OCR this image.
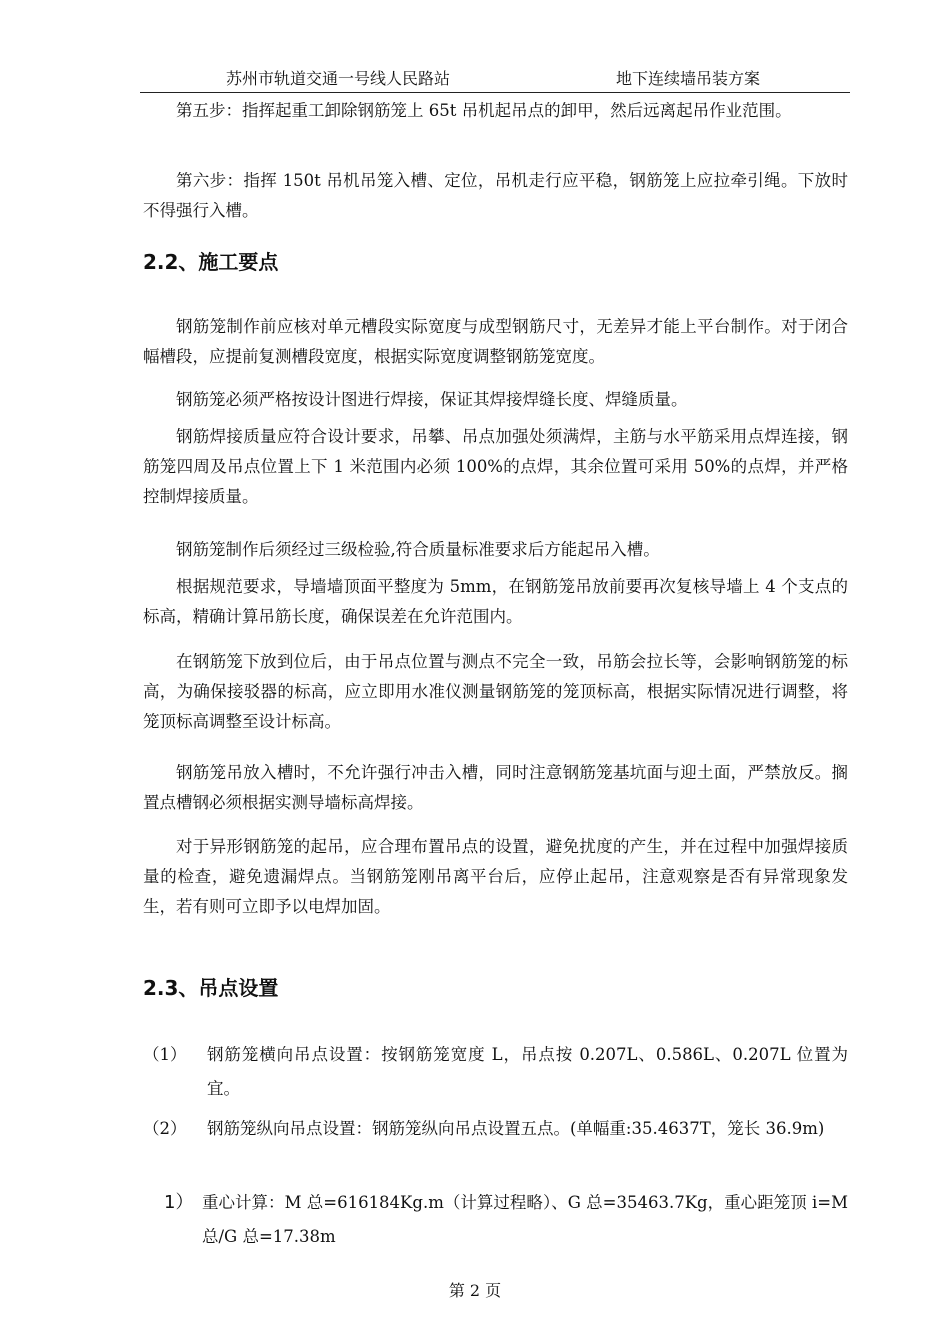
苏州市轨道交通一号线人民路站	地下连续墙吊装方案

第五步：指挥起重工卸除钢筋笼上 65t 吊机起吊点的卸甲，然后远离起吊作业范围。

第六步：指挥 150t 吊机吊笼入槽、定位，吊机走行应平稳，钢筋笼上应拉牵引绳。下放时不得强行入槽。

2.2、施工要点

钢筋笼制作前应核对单元槽段实际宽度与成型钢筋尺寸，无差异才能上平台制作。对于闭合幅槽段，应提前复测槽段宽度，根据实际宽度调整钢筋笼宽度。

钢筋笼必须严格按设计图进行焊接，保证其焊接焊缝长度、焊缝质量。

钢筋焊接质量应符合设计要求，吊攀、吊点加强处须满焊，主筋与水平筋采用点焊连接，钢筋笼四周及吊点位置上下 1 米范围内必须 100%的点焊，其余位置可采用 50%的点焊，并严格控制焊接质量。

钢筋笼制作后须经过三级检验,符合质量标准要求后方能起吊入槽。

根据规范要求，导墙墙顶面平整度为 5mm，在钢筋笼吊放前要再次复核导墙上 4 个支点的标高，精确计算吊筋长度，确保误差在允许范围内。

在钢筋笼下放到位后，由于吊点位置与测点不完全一致，吊筋会拉长等，会影响钢筋笼的标高，为确保接驳器的标高，应立即用水准仪测量钢筋笼的笼顶标高，根据实际情况进行调整，将笼顶标高调整至设计标高。

钢筋笼吊放入槽时，不允许强行冲击入槽，同时注意钢筋笼基坑面与迎土面，严禁放反。搁置点槽钢必须根据实测导墙标高焊接。

对于异形钢筋笼的起吊，应合理布置吊点的设置，避免扰度的产生，并在过程中加强焊接质量的检查，避免遗漏焊点。当钢筋笼刚吊离平台后，应停止起吊，注意观察是否有异常现象发生，若有则可立即予以电焊加固。

2.3、吊点设置
（1） 钢筋笼横向吊点设置：按钢筋笼宽度 L，吊点按 0.207L、0.586L、0.207L 位置为宜。
（2） 钢筋笼纵向吊点设置：钢筋笼纵向吊点设置五点。(单幅重:35.4637T，笼长 36.9m)
1） 重心计算：M 总=616184Kg.m（计算过程略）、G 总=35463.7Kg，重心距笼顶 i=M 总/G 总=17.38m
第 2 页
